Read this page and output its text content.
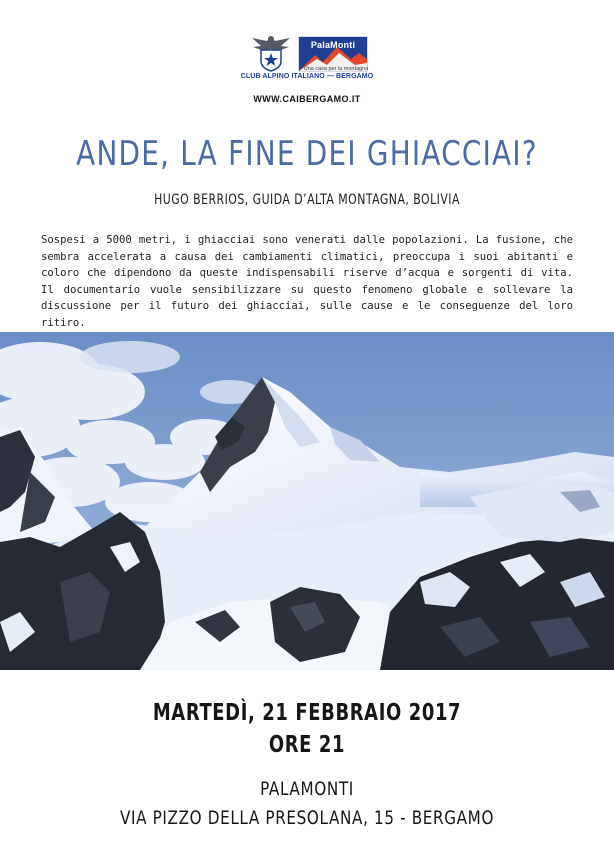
PalaMonti
Una casa per la montagna
CLUB ALPINO ITALIANO — BERGAMO
WWW.CAIBERGAMO.IT
ANDE, LA FINE DEI GHIACCIAI?
HUGO BERRIOS, GUIDA D’ALTA MONTAGNA, BOLIVIA
Sospesi a 5000 metri, i ghiacciai sono venerati dalle popolazioni. La fusione, che sembra accelerata a causa dei cambiamenti climatici, preoccupa i suoi abitanti e coloro che dipendono da queste indispensabili riserve d’acqua e sorgenti di vita. Il documentario vuole sensibilizzare su questo fenomeno globale e sollevare la discussione per il futuro dei ghiacciai, sulle cause e le conseguenze del loro ritiro.
MARTEDÌ, 21 FEBBRAIO 2017
ORE 21
PALAMONTI
VIA PIZZO DELLA PRESOLANA, 15 - BERGAMO
